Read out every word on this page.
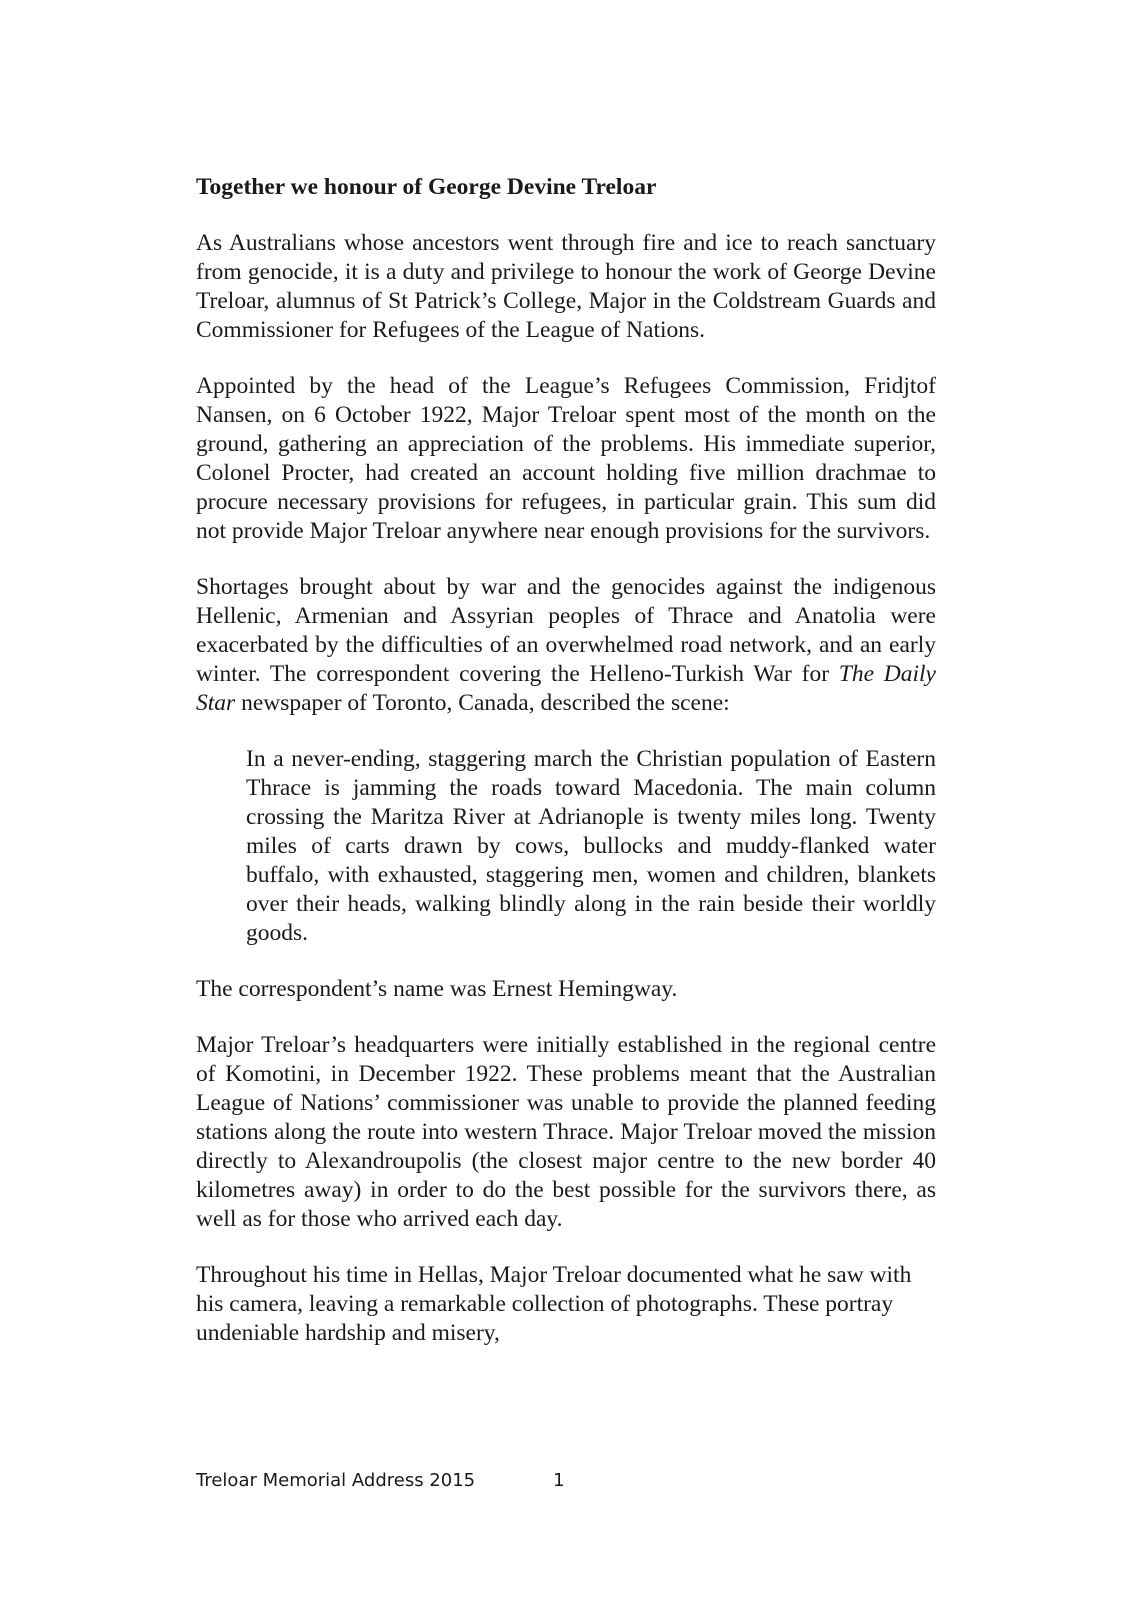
Together we honour of George Devine Treloar

As Australians whose ancestors went through fire and ice to reach sanctuary from genocide, it is a duty and privilege to honour the work of George Devine Treloar, alumnus of St Patrick’s College, Major in the Coldstream Guards and Commissioner for Refugees of the League of Nations.

Appointed by the head of the League’s Refugees Commission, Fridjtof Nansen, on 6 October 1922, Major Treloar spent most of the month on the ground, gathering an appreciation of the problems. His immediate superior, Colonel Procter, had created an account holding five million drachmae to procure necessary provisions for refugees, in particular grain. This sum did not provide Major Treloar anywhere near enough provisions for the survivors.

Shortages brought about by war and the genocides against the indigenous Hellenic, Armenian and Assyrian peoples of Thrace and Anatolia were exacerbated by the difficulties of an overwhelmed road network, and an early winter. The correspondent covering the Helleno-Turkish War for The Daily Star newspaper of Toronto, Canada, described the scene:

In a never-ending, staggering march the Christian population of Eastern Thrace is jamming the roads toward Macedonia. The main column crossing the Maritza River at Adrianople is twenty miles long. Twenty miles of carts drawn by cows, bullocks and muddy-flanked water buffalo, with exhausted, staggering men, women and children, blankets over their heads, walking blindly along in the rain beside their worldly goods.

The correspondent’s name was Ernest Hemingway.

Major Treloar’s headquarters were initially established in the regional centre of Komotini, in December 1922. These problems meant that the Australian League of Nations’ commissioner was unable to provide the planned feeding stations along the route into western Thrace. Major Treloar moved the mission directly to Alexandroupolis (the closest major centre to the new border 40 kilometres away) in order to do the best possible for the survivors there, as well as for those who arrived each day.

Throughout his time in Hellas, Major Treloar documented what he saw with his camera, leaving a remarkable collection of photographs. These portray undeniable hardship and misery,

Treloar Memorial Address 2015	1
